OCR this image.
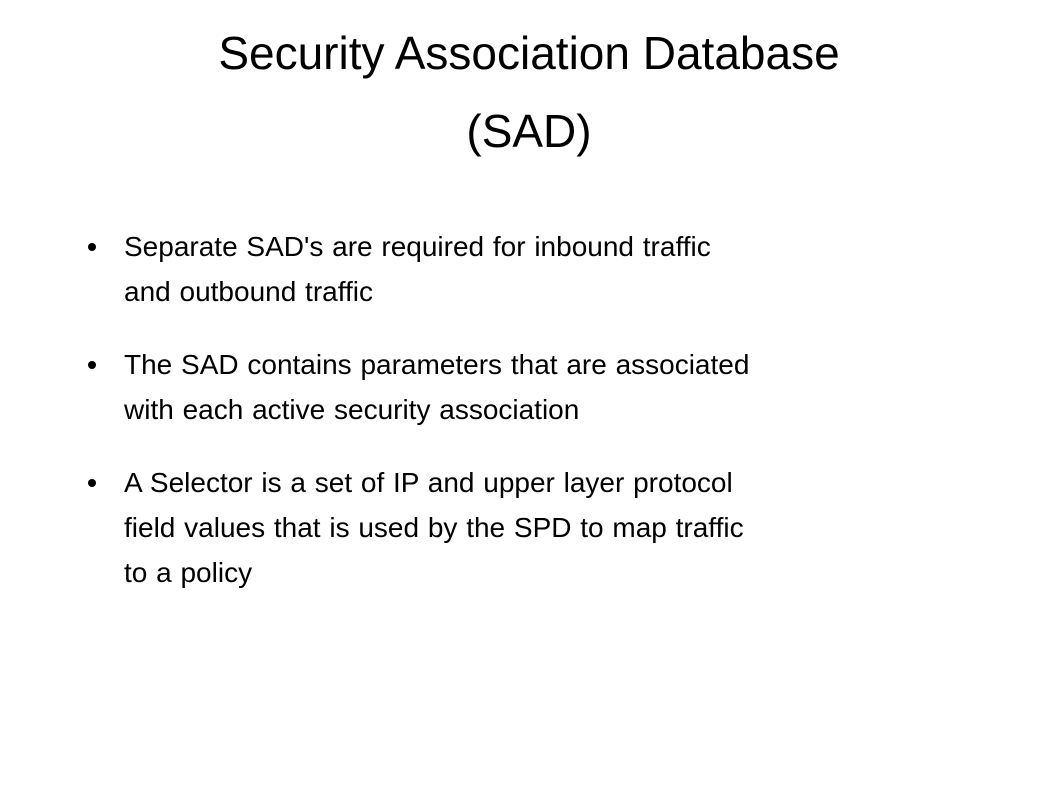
Security Association Database
(SAD)
Separate SAD's are required for inbound traffic
and outbound traffic
The SAD contains parameters that are associated
with each active security association
A Selector is a set of IP and upper layer protocol
field values that is used by the SPD to map traffic
to a policy
